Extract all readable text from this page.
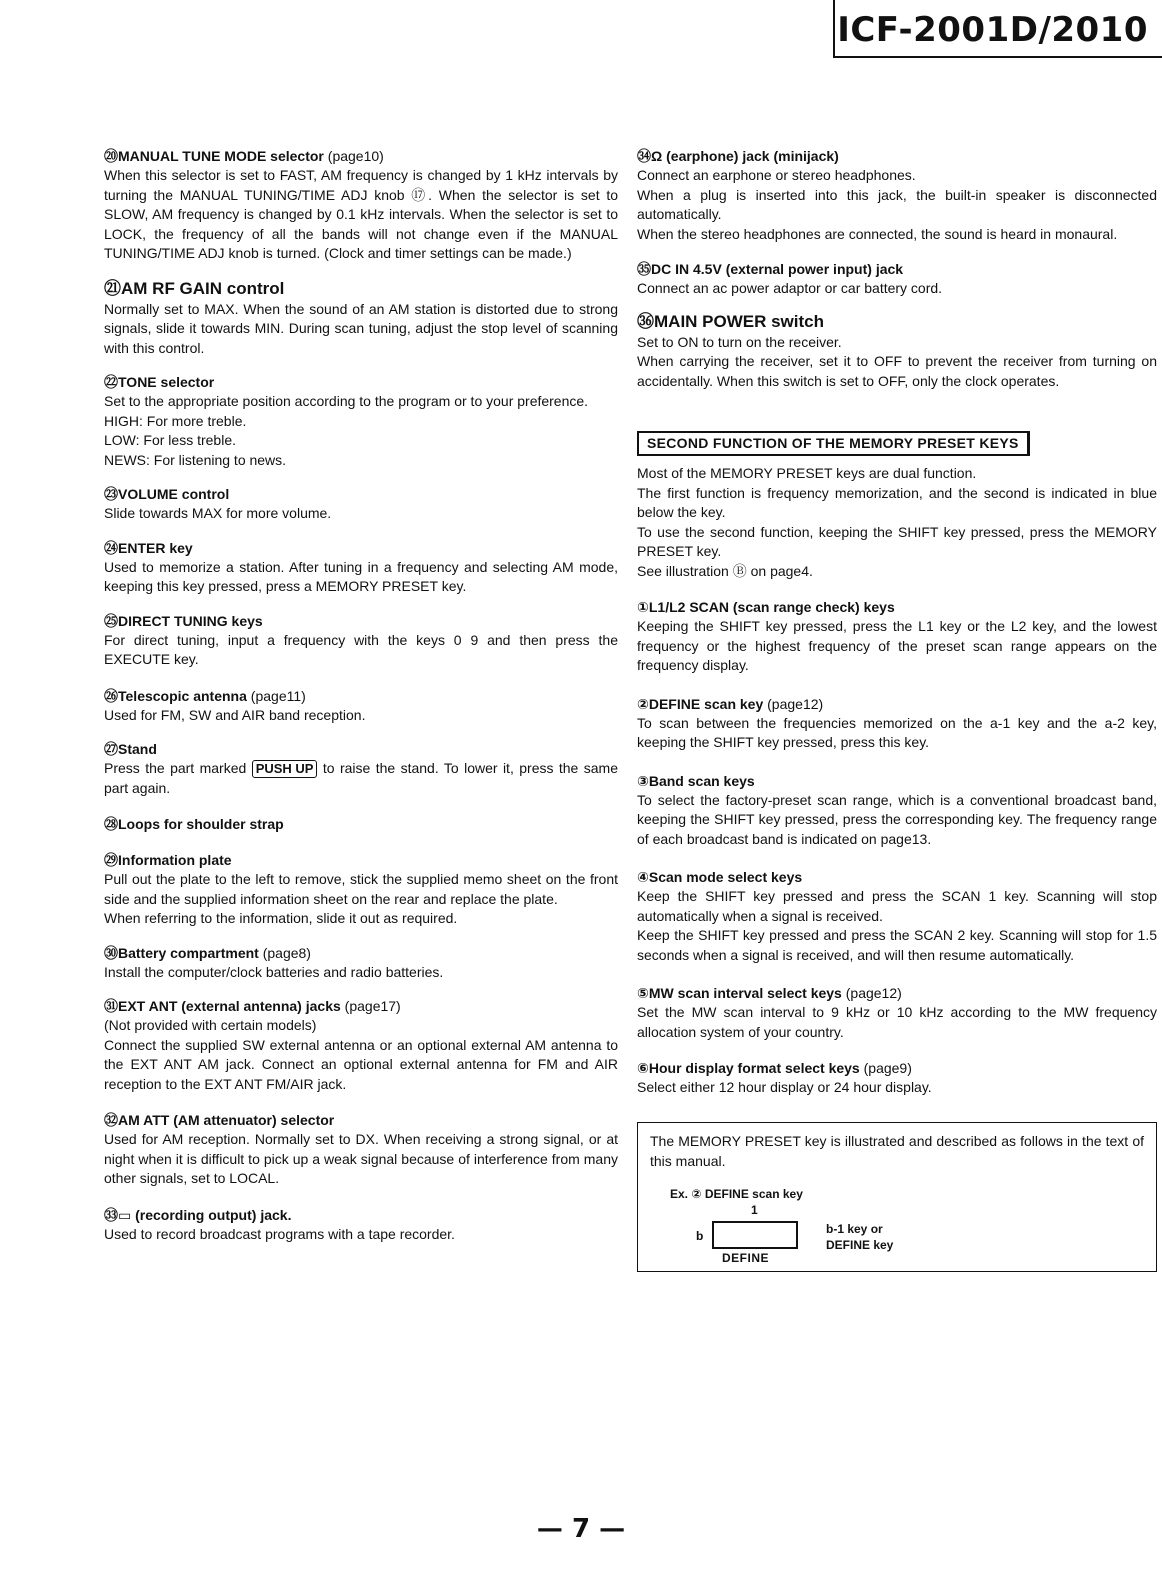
ICF-2001D/2010
⑳MANUAL TUNE MODE selector (page10)

When this selector is set to FAST, AM frequency is changed by 1 kHz intervals by turning the MANUAL TUNING/TIME ADJ knob ⑰. When the selector is set to SLOW, AM frequency is changed by 0.1 kHz intervals. When the selector is set to LOCK, the frequency of all the bands will not change even if the MANUAL TUNING/TIME ADJ knob is turned. (Clock and timer settings can be made.)

㉑AM RF GAIN control

Normally set to MAX. When the sound of an AM station is distorted due to strong signals, slide it towards MIN. During scan tuning, adjust the stop level of scanning with this control.

㉒TONE selector

Set to the appropriate position according to the program or to your preference.

HIGH: For more treble.

LOW: For less treble.

NEWS: For listening to news.

㉓VOLUME control

Slide towards MAX for more volume.

㉔ENTER key

Used to memorize a station. After tuning in a frequency and selecting AM mode, keeping this key pressed, press a MEMORY PRESET key.

㉕DIRECT TUNING keys

For direct tuning, input a frequency with the keys 0 9 and then press the EXECUTE key.

㉖Telescopic antenna (page11)

Used for FM, SW and AIR band reception.

㉗Stand

Press the part marked PUSH UP to raise the stand. To lower it, press the same part again.

㉘Loops for shoulder strap
㉙Information plate

Pull out the plate to the left to remove, stick the supplied memo sheet on the front side and the supplied information sheet on the rear and replace the plate.

When referring to the information, slide it out as required.

㉚Battery compartment (page8)

Install the computer/clock batteries and radio batteries.

㉛EXT ANT (external antenna) jacks (page17)

(Not provided with certain models)

Connect the supplied SW external antenna or an optional external AM antenna to the EXT ANT AM jack. Connect an optional external antenna for FM and AIR reception to the EXT ANT FM/AIR jack.

㉜AM ATT (AM attenuator) selector

Used for AM reception. Normally set to DX. When receiving a strong signal, or at night when it is difficult to pick up a weak signal because of interference from many other signals, set to LOCAL.

㉝▭ (recording output) jack.

Used to record broadcast programs with a tape recorder.

㉞Ω (earphone) jack (minijack)

Connect an earphone or stereo headphones.

When a plug is inserted into this jack, the built-in speaker is disconnected automatically.

When the stereo headphones are connected, the sound is heard in monaural.

㉟DC IN 4.5V (external power input) jack

Connect an ac power adaptor or car battery cord.

㊱MAIN POWER switch

Set to ON to turn on the receiver.

When carrying the receiver, set it to OFF to prevent the receiver from turning on accidentally. When this switch is set to OFF, only the clock operates.

SECOND FUNCTION OF THE MEMORY PRESET KEYS

Most of the MEMORY PRESET keys are dual function.

The first function is frequency memorization, and the second is indicated in blue below the key.

To use the second function, keeping the SHIFT key pressed, press the MEMORY PRESET key.

See illustration Ⓑ on page4.

①L1/L2 SCAN (scan range check) keys

Keeping the SHIFT key pressed, press the L1 key or the L2 key, and the lowest frequency or the highest frequency of the preset scan range appears on the frequency display.

②DEFINE scan key (page12)

To scan between the frequencies memorized on the a-1 key and the a-2 key, keeping the SHIFT key pressed, press this key.

③Band scan keys

To select the factory-preset scan range, which is a conventional broadcast band, keeping the SHIFT key pressed, press the corresponding key. The frequency range of each broadcast band is indicated on page13.

④Scan mode select keys

Keep the SHIFT key pressed and press the SCAN 1 key. Scanning will stop automatically when a signal is received.

Keep the SHIFT key pressed and press the SCAN 2 key. Scanning will stop for 1.5 seconds when a signal is received, and will then resume automatically.

⑤MW scan interval select keys (page12)

Set the MW scan interval to 9 kHz or 10 kHz according to the MW frequency allocation system of your country.

⑥Hour display format select keys (page9)

Select either 12 hour display or 24 hour display.

The MEMORY PRESET key is illustrated and described as follows in the text of this manual.
Ex. ② DEFINE scan key
1
b
DEFINE
b-1 key or
DEFINE key
— 7 —
